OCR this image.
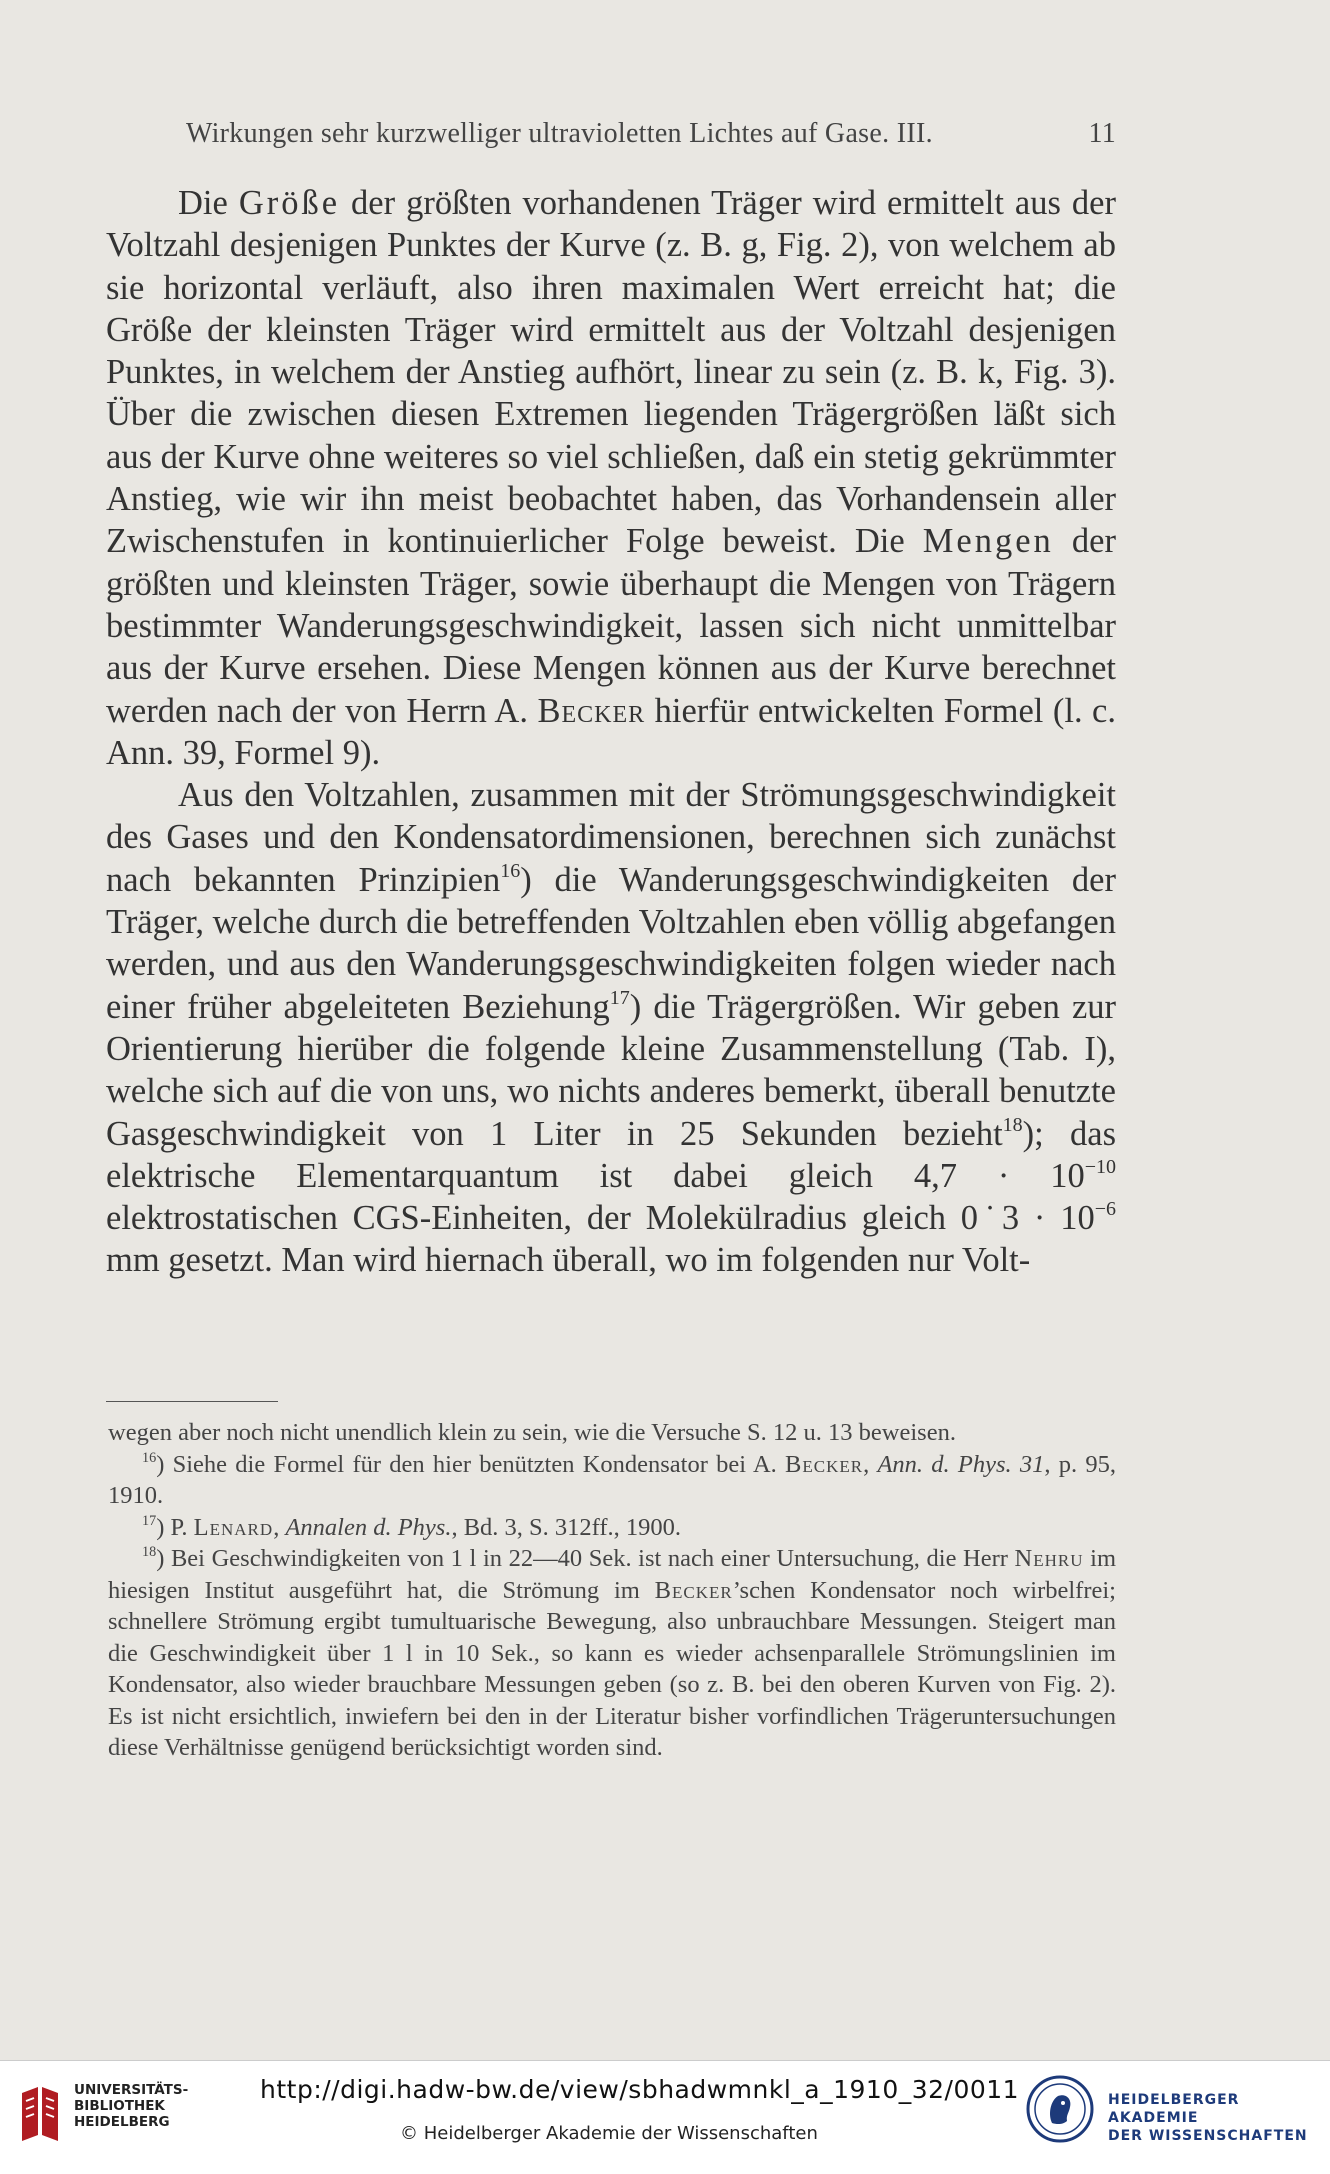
Wirkungen sehr kurzwelliger ultravioletten Lichtes auf Gase. III.	11

Die Größe der größten vorhandenen Träger wird ermittelt aus der Voltzahl desjenigen Punktes der Kurve (z. B. g, Fig. 2), von welchem ab sie horizontal verläuft, also ihren maximalen Wert erreicht hat; die Größe der kleinsten Träger wird ermittelt aus der Voltzahl desjenigen Punktes, in welchem der Anstieg aufhört, linear zu sein (z. B. k, Fig. 3). Über die zwischen diesen Extremen liegenden Trägergrößen läßt sich aus der Kurve ohne weiteres so viel schließen, daß ein stetig gekrümmter Anstieg, wie wir ihn meist beobachtet haben, das Vorhandensein aller Zwischenstufen in kontinuierlicher Folge beweist. Die Mengen der größten und kleinsten Träger, sowie überhaupt die Mengen von Trägern bestimmter Wanderungsgeschwindigkeit, lassen sich nicht unmittelbar aus der Kurve ersehen. Diese Mengen können aus der Kurve berechnet werden nach der von Herrn A. Becker hierfür entwickelten Formel (l. c. Ann. 39, Formel 9).

Aus den Voltzahlen, zusammen mit der Strömungsgeschwindigkeit des Gases und den Kondensatordimensionen, berechnen sich zunächst nach bekannten Prinzipien$^{16}$) die Wanderungsgeschwindigkeiten der Träger, welche durch die betreffenden Voltzahlen eben völlig abgefangen werden, und aus den Wanderungsgeschwindigkeiten folgen wieder nach einer früher abgeleiteten Beziehung$^{17}$) die Trägergrößen. Wir geben zur Orientierung hierüber die folgende kleine Zusammenstellung (Tab. I), welche sich auf die von uns, wo nichts anderes bemerkt, überall benutzte Gasgeschwindigkeit von 1 Liter in 25 Sekunden bezieht$^{18}$); das elektrische Elementarquantum ist dabei gleich $4,7 \cdot 10^{-10}$ elektrostatischen CGS-Einheiten, der Molekülradius gleich 0˙3 · $10^{-6}$ mm gesetzt. Man wird hiernach überall, wo im folgenden nur Volt-

wegen aber noch nicht unendlich klein zu sein, wie die Versuche S. 12 u. 13 beweisen.

$^{16}$) Siehe die Formel für den hier benützten Kondensator bei A. Becker, Ann. d. Phys. 31, p. 95, 1910.

$^{17}$) P. Lenard, Annalen d. Phys., Bd. 3, S. 312ff., 1900.

$^{18}$) Bei Geschwindigkeiten von 1 l in 22—40 Sek. ist nach einer Untersuchung, die Herr Nehru im hiesigen Institut ausgeführt hat, die Strömung im Becker’schen Kondensator noch wirbelfrei; schnellere Strömung ergibt tumultuarische Bewegung, also unbrauchbare Messungen. Steigert man die Geschwindigkeit über 1 l in 10 Sek., so kann es wieder achsenparallele Strömungslinien im Kondensator, also wieder brauchbare Messungen geben (so z. B. bei den oberen Kurven von Fig. 2). Es ist nicht ersichtlich, inwiefern bei den in der Literatur bisher vorfindlichen Trägeruntersuchungen diese Verhältnisse genügend berücksichtigt worden sind.

UNIVERSITÄTS-
BIBLIOTHEK
HEIDELBERG
http://digi.hadw-bw.de/view/sbhadwmnkl_a_1910_32/0011
© Heidelberger Akademie der Wissenschaften
HEIDELBERGER AKADEMIE
DER WISSENSCHAFTEN
